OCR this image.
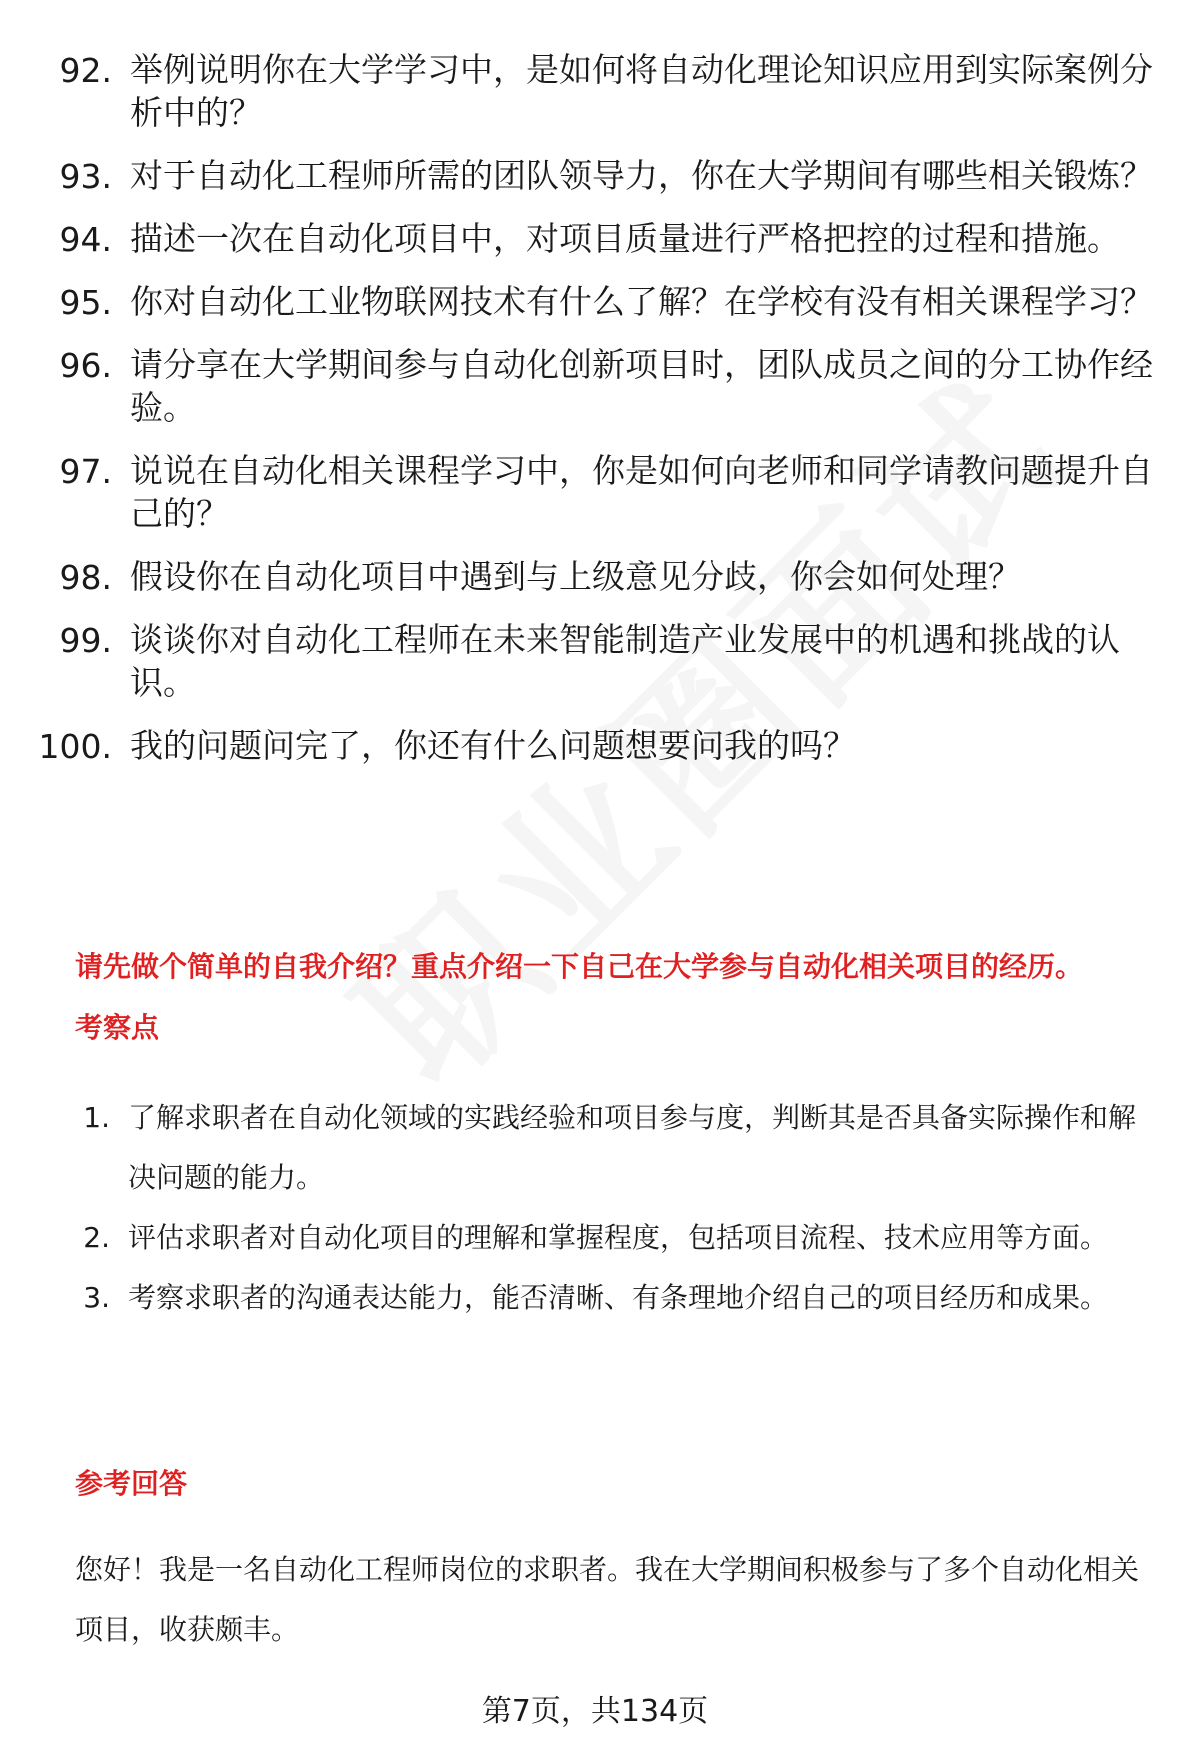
92. 举例说明你在大学学习中，是如何将自动化理论知识应用到实际案例分析中的？
93. 对于自动化工程师所需的团队领导力，你在大学期间有哪些相关锻炼？
94. 描述一次在自动化项目中，对项目质量进行严格把控的过程和措施。
95. 你对自动化工业物联网技术有什么了解？在学校有没有相关课程学习？
96. 请分享在大学期间参与自动化创新项目时，团队成员之间的分工协作经验。
97. 说说在自动化相关课程学习中，你是如何向老师和同学请教问题提升自己的？
98. 假设你在自动化项目中遇到与上级意见分歧，你会如何处理？
99. 谈谈你对自动化工程师在未来智能制造产业发展中的机遇和挑战的认识。
100. 我的问题问完了，你还有什么问题想要问我的吗？
请先做个简单的自我介绍？重点介绍一下自己在大学参与自动化相关项目的经历。
考察点
1. 了解求职者在自动化领域的实践经验和项目参与度，判断其是否具备实际操作和解决问题的能力。
2. 评估求职者对自动化项目的理解和掌握程度，包括项目流程、技术应用等方面。
3. 考察求职者的沟通表达能力，能否清晰、有条理地介绍自己的项目经历和成果。
参考回答
您好！我是一名自动化工程师岗位的求职者。我在大学期间积极参与了多个自动化相关项目，收获颇丰。
第7页，共134页
